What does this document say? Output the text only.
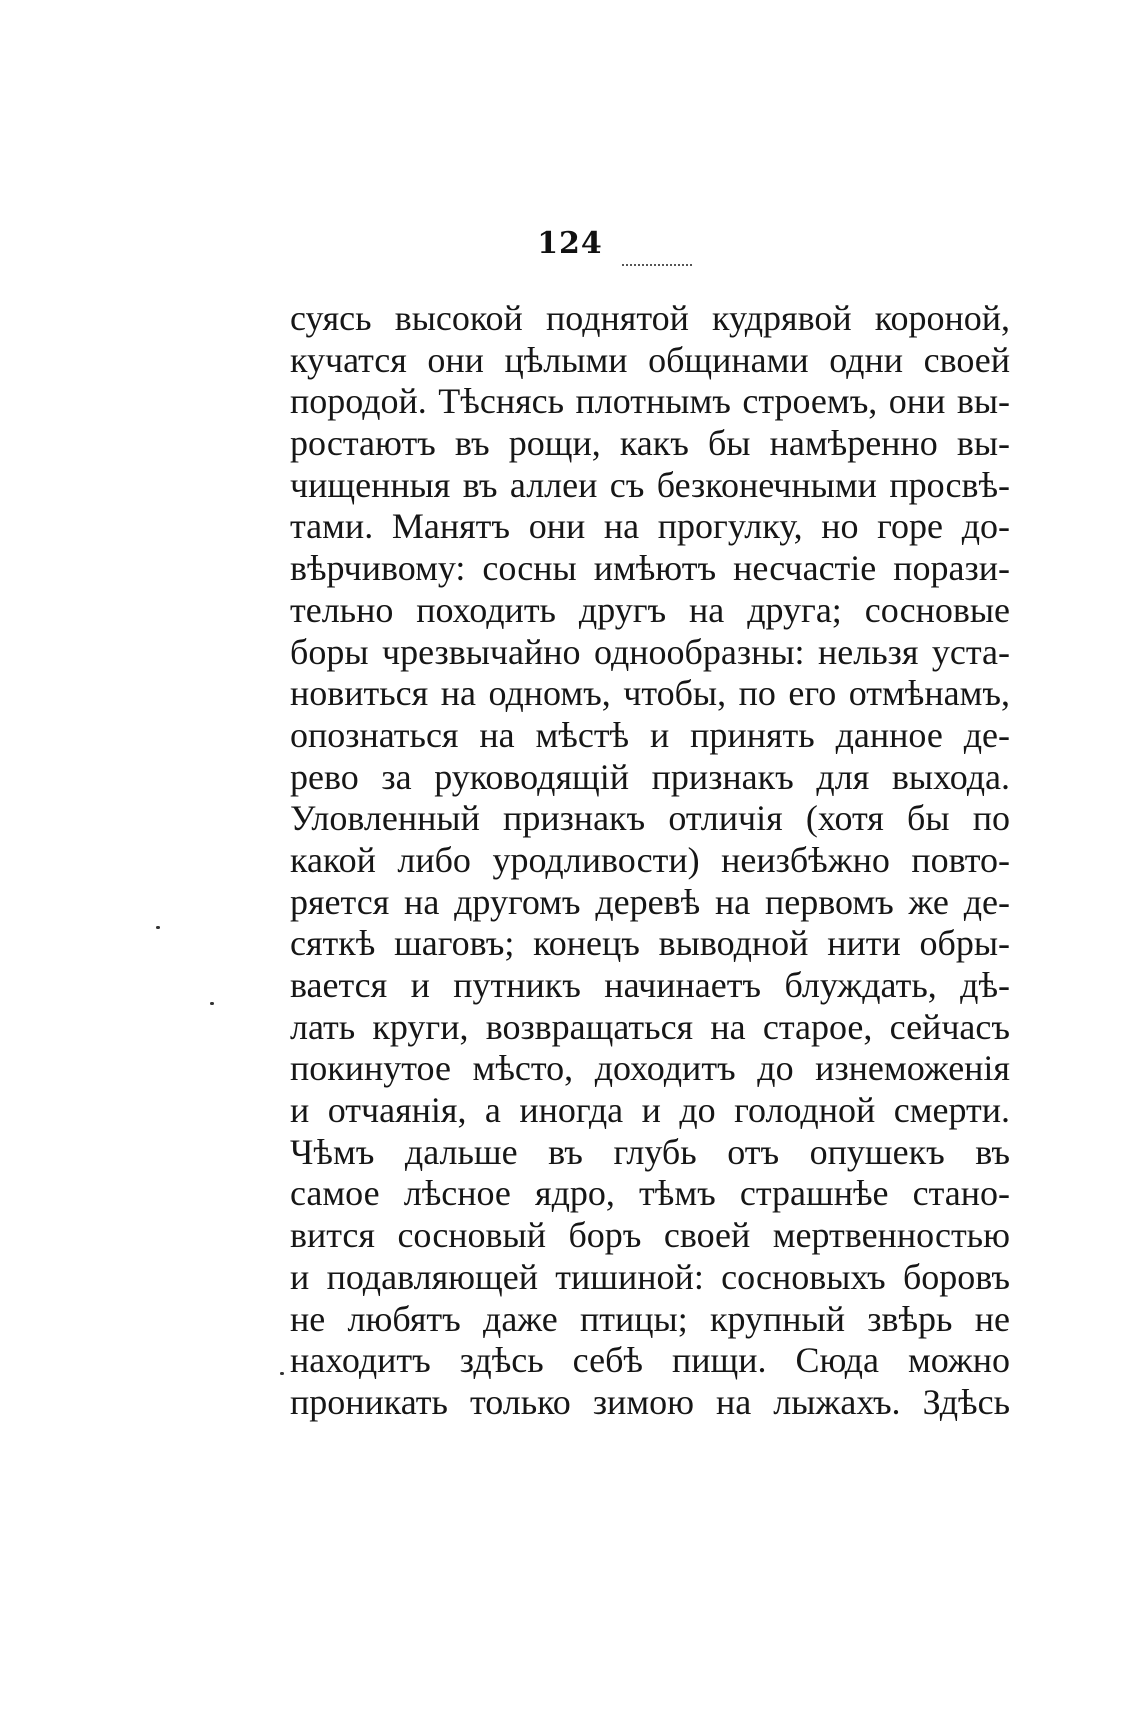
124
суясь высокой поднятой кудрявой короной,
кучатся они цѣлыми общинами одни своей
породой. Тѣснясь плотнымъ строемъ, они вы-
ростаютъ въ рощи, какъ бы намѣренно вы-
чищенныя въ аллеи съ безконечными просвѣ-
тами. Манятъ они на прогулку, но горе до-
вѣрчивому: сосны имѣютъ несчастіе порази-
тельно походить другъ на друга; сосновые
боры чрезвычайно однообразны: нельзя уста-
новиться на одномъ, чтобы, по его отмѣнамъ,
опознаться на мѣстѣ и принять данное де-
рево за руководящій признакъ для выхода.
Уловленный признакъ отличія (хотя бы по
какой либо уродливости) неизбѣжно повто-
ряется на другомъ деревѣ на первомъ же де-
сяткѣ шаговъ; конецъ выводной нити обры-
вается и путникъ начинаетъ блуждать, дѣ-
лать круги, возвращаться на старое, сейчасъ
покинутое мѣсто, доходитъ до изнеможенія
и отчаянія, а иногда и до голодной смерти.
Чѣмъ дальше въ глубь отъ опушекъ въ
самое лѣсное ядро, тѣмъ страшнѣе стано-
вится сосновый боръ своей мертвенностью
и подавляющей тишиной: сосновыхъ боровъ
не любятъ даже птицы; крупный звѣрь не
находитъ здѣсь себѣ пищи. Сюда можно
проникать только зимою на лыжахъ. Здѣсь
